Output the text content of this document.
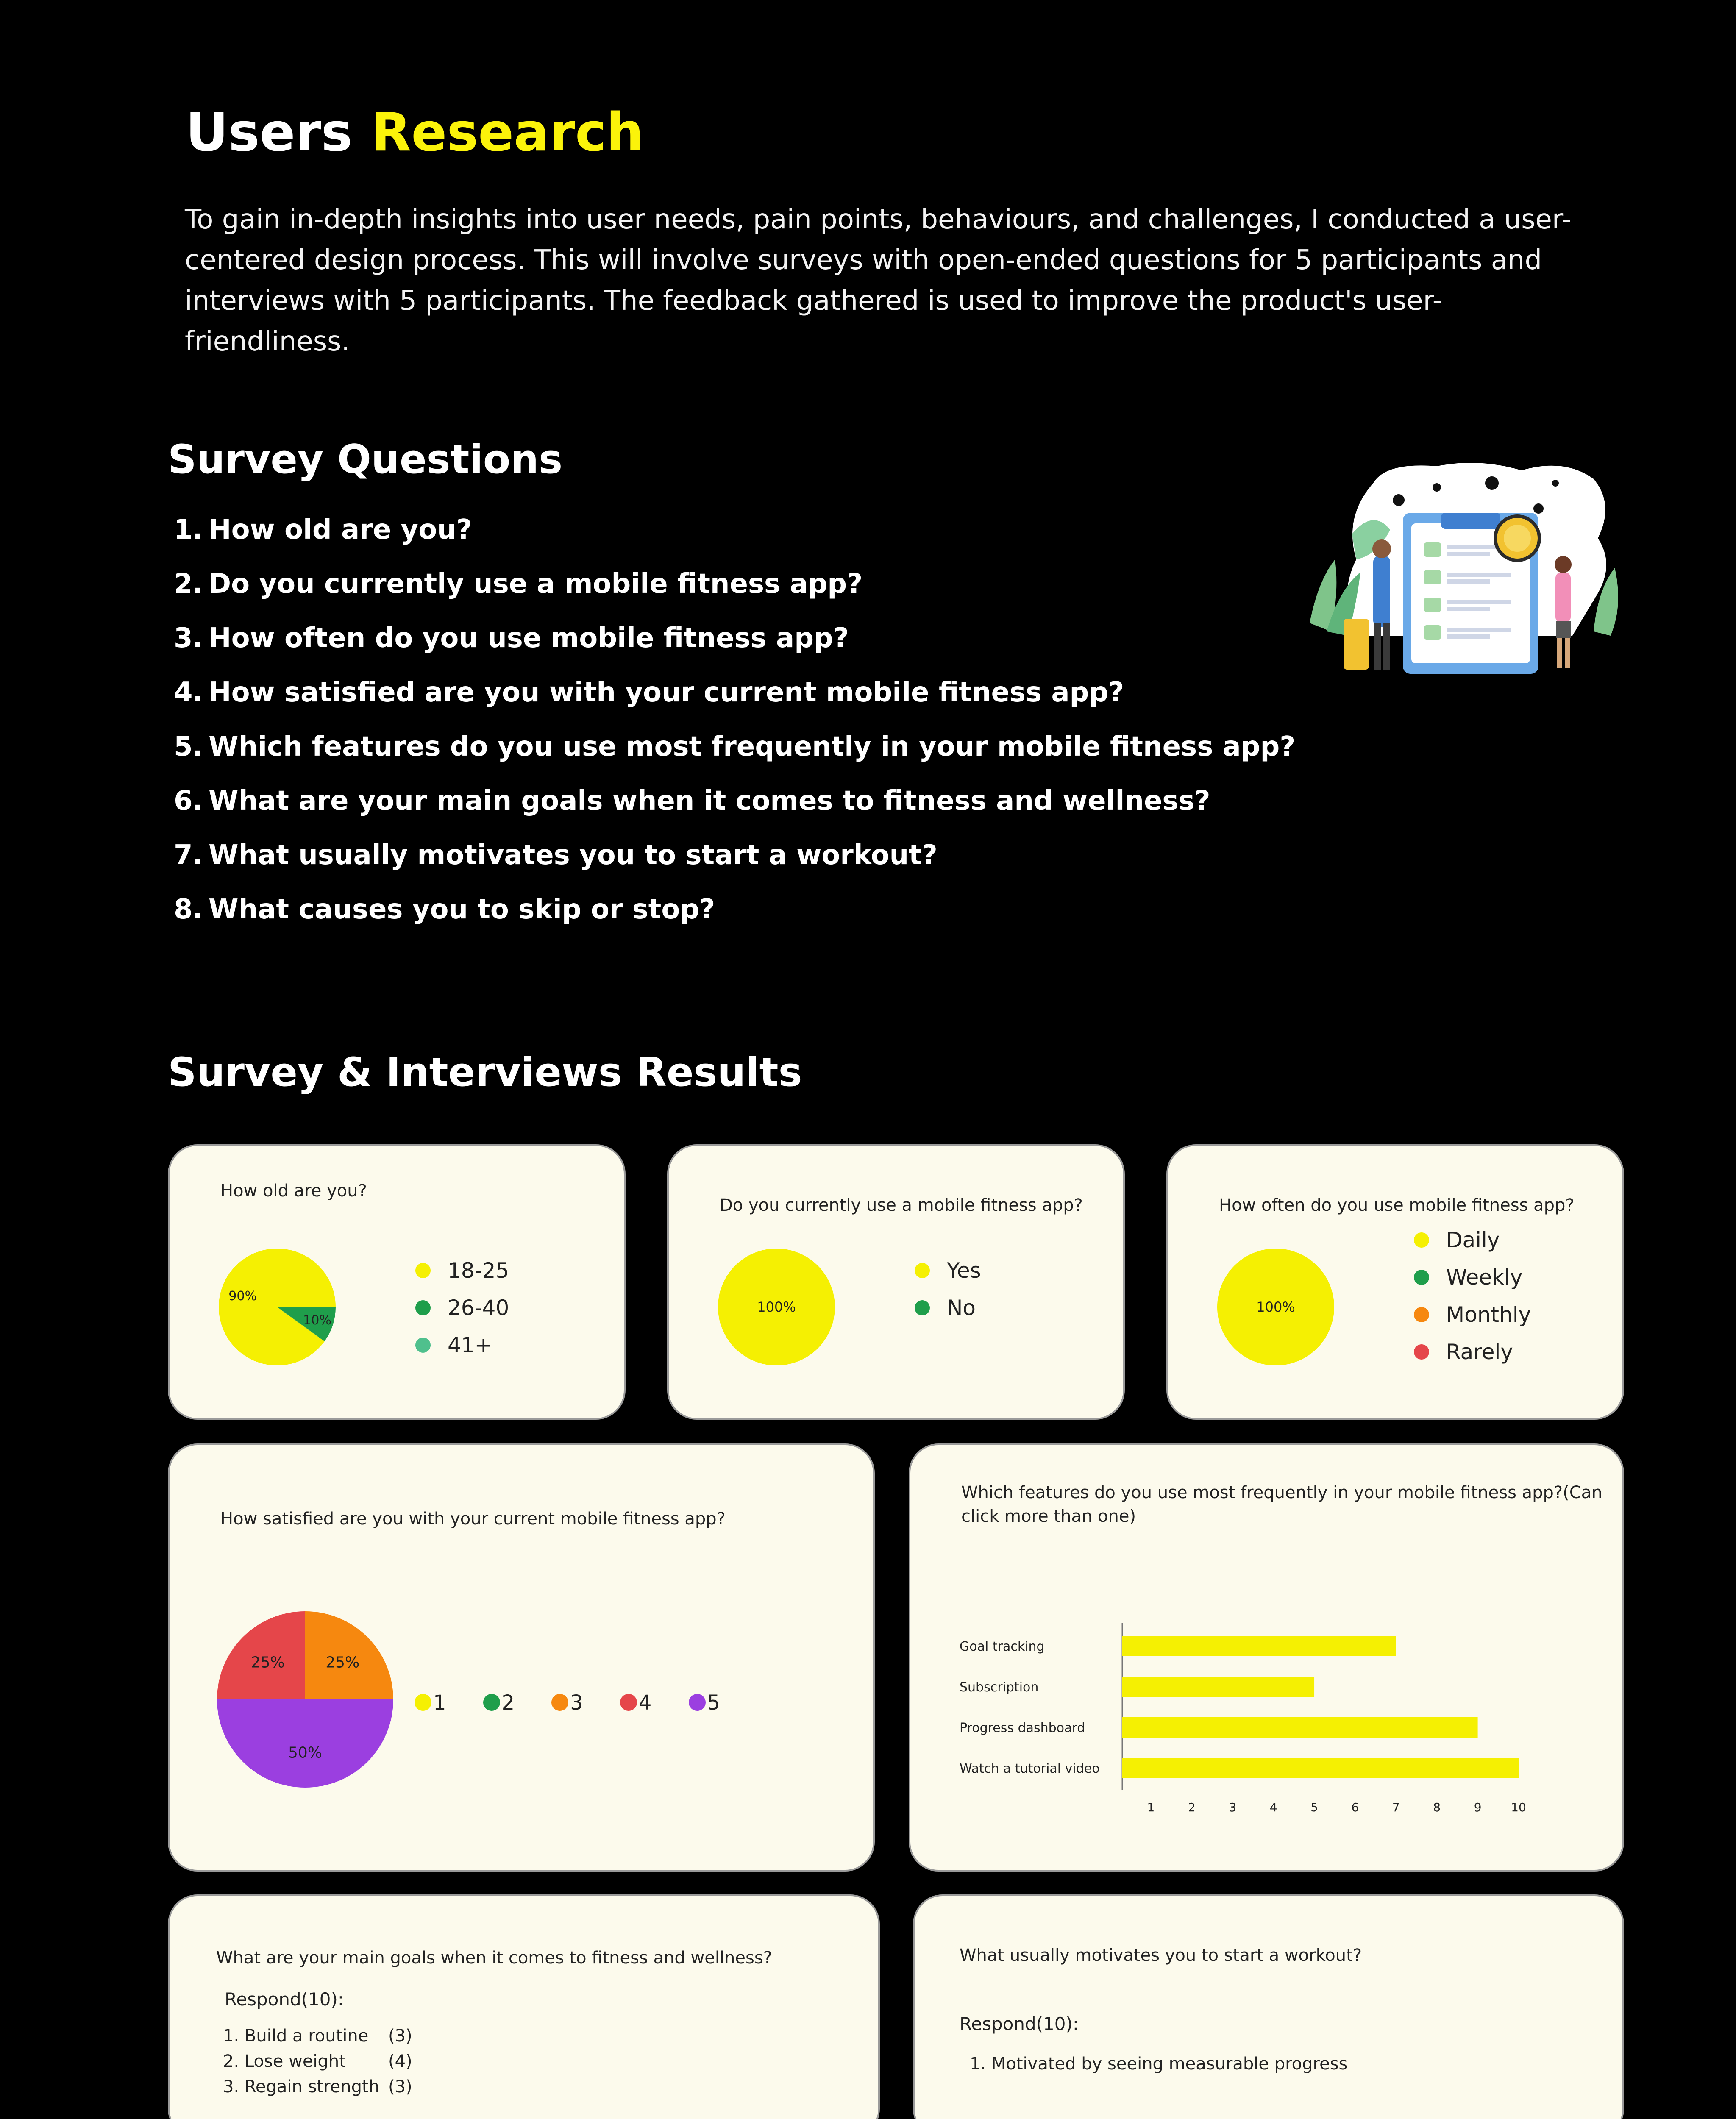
Users Research
To gain in-depth insights into user needs, pain points, behaviours, and challenges, I conducted a user-centered design process. This will involve surveys with open-ended questions for 5 participants and interviews with 5 participants. The feedback gathered is used to improve the product's user-friendliness.
Survey Questions
1. How old are you?
2. Do you currently use a mobile fitness app?
3. How often do you use mobile fitness app?
4. How satisfied are you with your current mobile fitness app?
5. Which features do you use most frequently in your mobile fitness app?
6. What are your main goals when it comes to fitness and wellness?
7. What usually motivates you to start a workout?
8. What causes you to skip or stop?
Survey & Interviews Results
How old are you?
90%
10%
18-25
26-40
41+
Do you currently use a mobile fitness app?
100%
Yes
No
How often do you use mobile fitness app?
100%
Daily
Weekly
Monthly
Rarely
How satisfied are you with your current mobile fitness app?
25%
25%
50%
1	2	3	4	5
Which features do you use most frequently in your mobile fitness app?(Can
click more than one)
Goal tracking
Subscription
Progress dashboard
Watch a tutorial video
1	2	3	4	5	6	7	8	9 10
What are your main goals when it comes to fitness and wellness?
Respond(10):
1. Build a routine (3)
2. Lose weight	(4)
3. Regain strength (3)
What usually motivates you to start a workout?
Respond(10):
1. Motivated by seeing measurable progress
